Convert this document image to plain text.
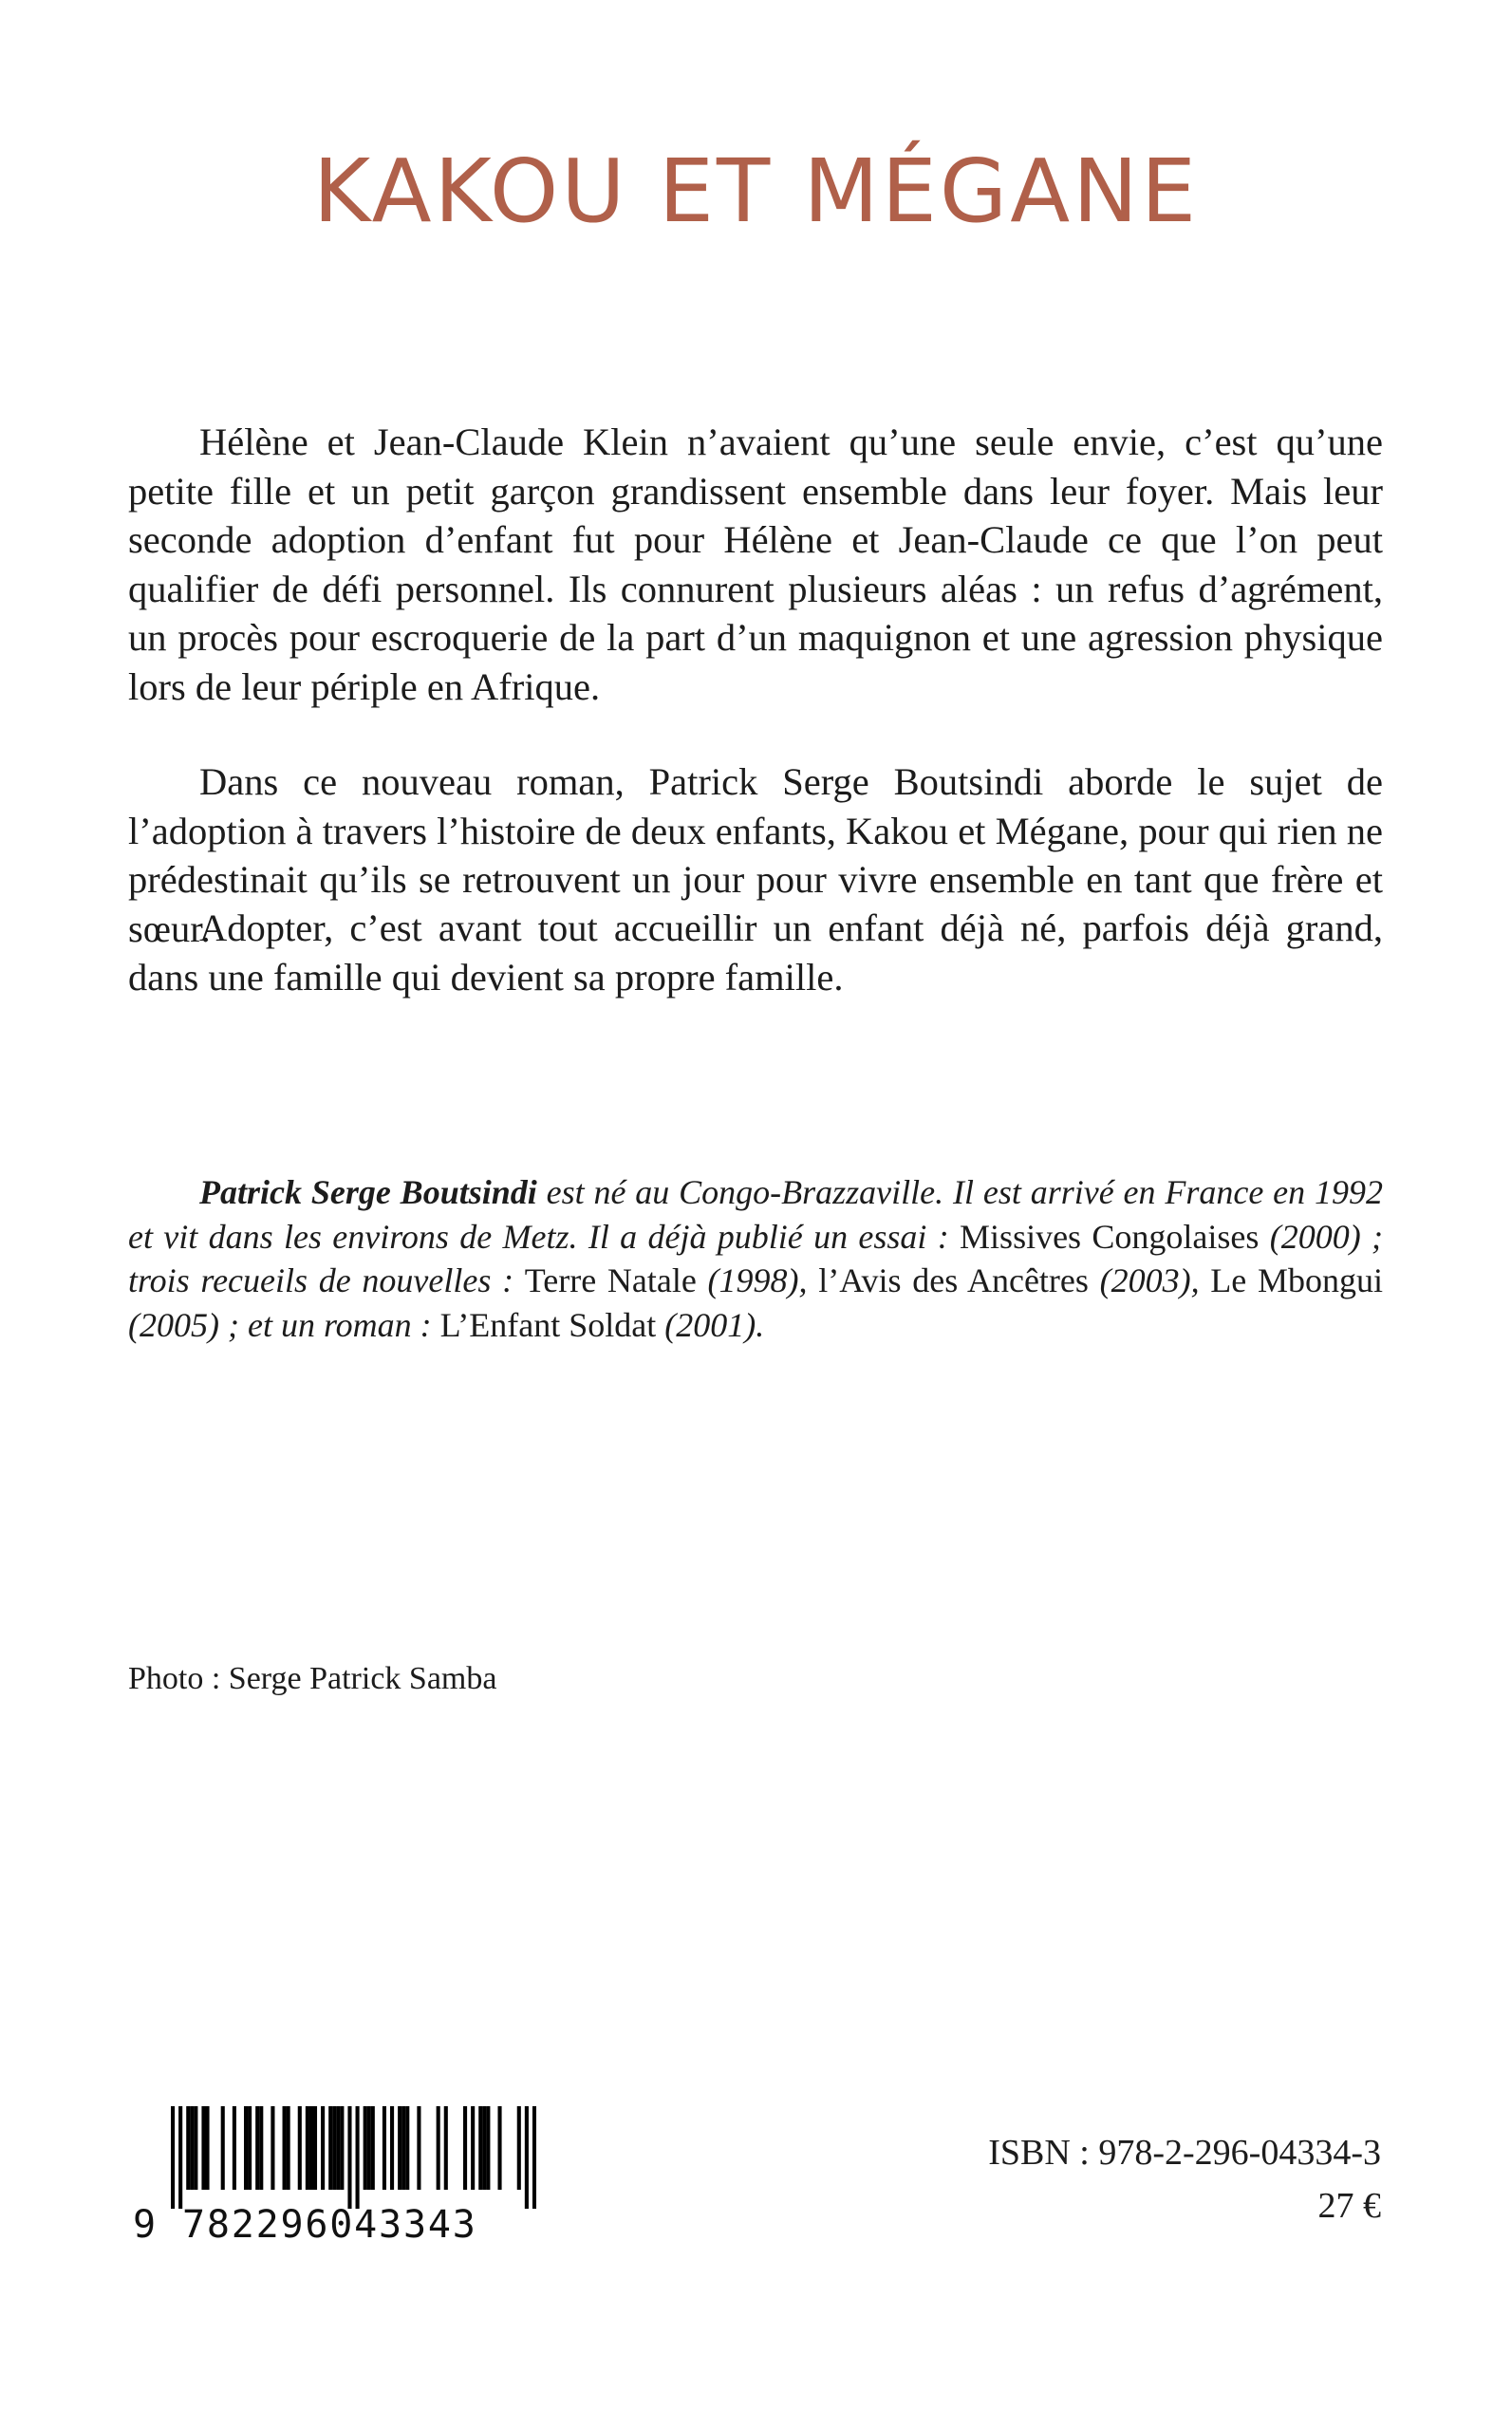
KAKOU ET MÉGANE

Hélène et Jean-Claude Klein n’avaient qu’une seule envie, c’est qu’une petite fille et un petit garçon grandissent ensemble dans leur foyer. Mais leur seconde adoption d’enfant fut pour Hélène et Jean-Claude ce que l’on peut qualifier de défi personnel. Ils connurent plusieurs aléas : un refus d’agrément, un procès pour escroquerie de la part d’un maquignon et une agression physique lors de leur périple en Afrique.

Dans ce nouveau roman, Patrick Serge Boutsindi aborde le sujet de l’adoption à travers l’histoire de deux enfants, Kakou et Mégane, pour qui rien ne prédestinait qu’ils se retrouvent un jour pour vivre ensemble en tant que frère et sœur.

Adopter, c’est avant tout accueillir un enfant déjà né, parfois déjà grand, dans une famille qui devient sa propre famille.

Patrick Serge Boutsindi est né au Congo-Brazzaville. Il est arrivé en France en 1992 et vit dans les environs de Metz. Il a déjà publié un essai : Missives Congolaises (2000) ; trois recueils de nouvelles : Terre Natale (1998), l’Avis des Ancêtres (2003), Le Mbongui (2005) ; et un roman : L’Enfant Soldat (2001).

Photo : Serge Patrick Samba

9 782296043343

ISBN : 978-2-296-04334-3

27 €
